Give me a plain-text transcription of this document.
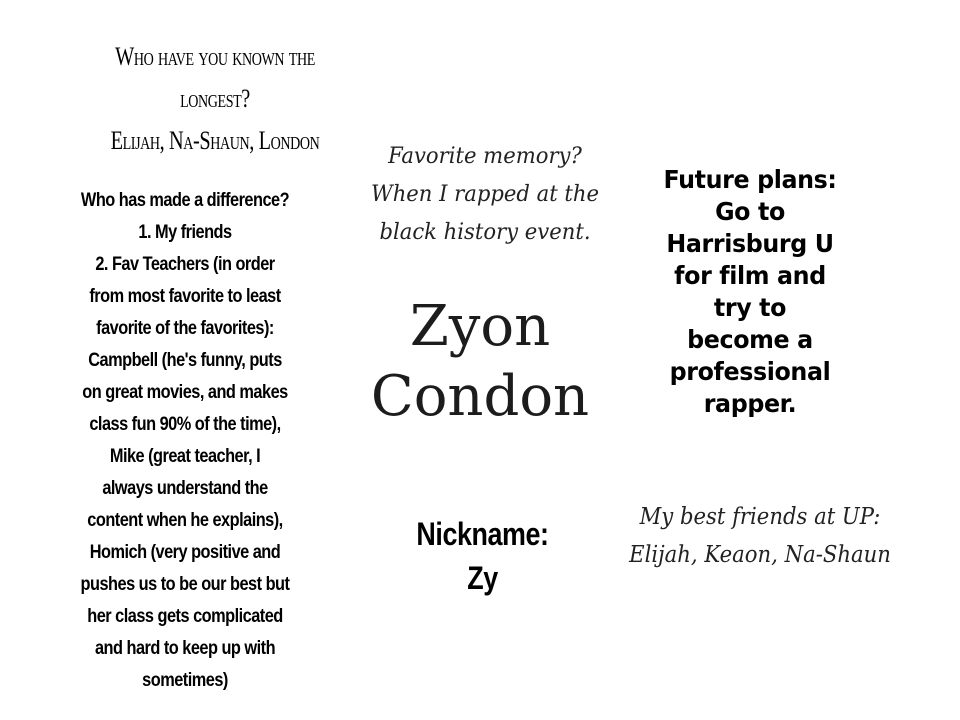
Who have you known the
longest?
Elijah, Na-Shaun, London
Who has made a difference?
1. My friends
2. Fav Teachers (in order
from most favorite to least
favorite of the favorites):
Campbell (he's funny, puts
on great movies, and makes
class fun 90% of the time),
Mike (great teacher, I
always understand the
content when he explains),
Homich (very positive and
pushes us to be our best but
her class gets complicated
and hard to keep up with
sometimes)
Favorite memory?
When I rapped at the
black history event.
Zyon
Condon
Nickname:
Zy
Future plans:
Go to
Harrisburg U
for film and
try to
become a
professional
rapper.
My best friends at UP:
Elijah, Keaon, Na-Shaun
